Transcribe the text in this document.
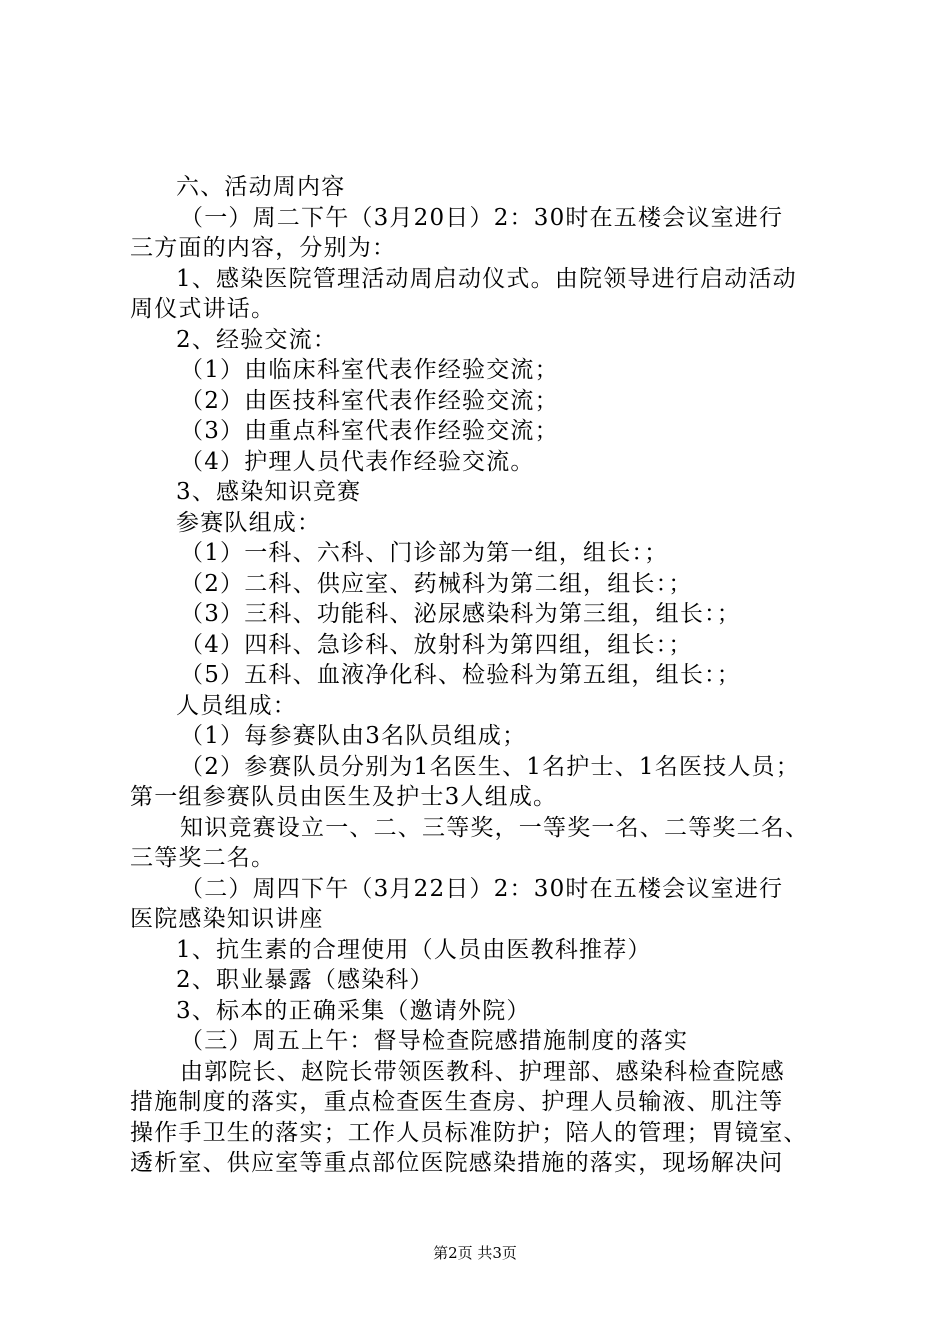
六、活动周内容
（一）周二下午（3月20日）2：30时在五楼会议室进行
三方面的内容，分别为：
1、感染医院管理活动周启动仪式。由院领导进行启动活动
周仪式讲话。
2、经验交流：
（1）由临床科室代表作经验交流；
（2）由医技科室代表作经验交流；
（3）由重点科室代表作经验交流；
（4）护理人员代表作经验交流。
3、感染知识竞赛
参赛队组成：
（1）一科、六科、门诊部为第一组，组长：；
（2）二科、供应室、药械科为第二组，组长：；
（3）三科、功能科、泌尿感染科为第三组，组长：；
（4）四科、急诊科、放射科为第四组，组长：；
（5）五科、血液净化科、检验科为第五组，组长：；
人员组成：
（1）每参赛队由3名队员组成；
（2）参赛队员分别为1名医生、1名护士、1名医技人员；
第一组参赛队员由医生及护士3人组成。
知识竞赛设立一、二、三等奖，一等奖一名、二等奖二名、
三等奖二名。
（二）周四下午（3月22日）2：30时在五楼会议室进行
医院感染知识讲座
1、抗生素的合理使用（人员由医教科推荐）
2、职业暴露（感染科）
3、标本的正确采集（邀请外院）
（三）周五上午：督导检查院感措施制度的落实
由郭院长、赵院长带领医教科、护理部、感染科检查院感
措施制度的落实，重点检查医生查房、护理人员输液、肌注等
操作手卫生的落实；工作人员标准防护；陪人的管理；胃镜室、
透析室、供应室等重点部位医院感染措施的落实，现场解决问
第2页 共3页
